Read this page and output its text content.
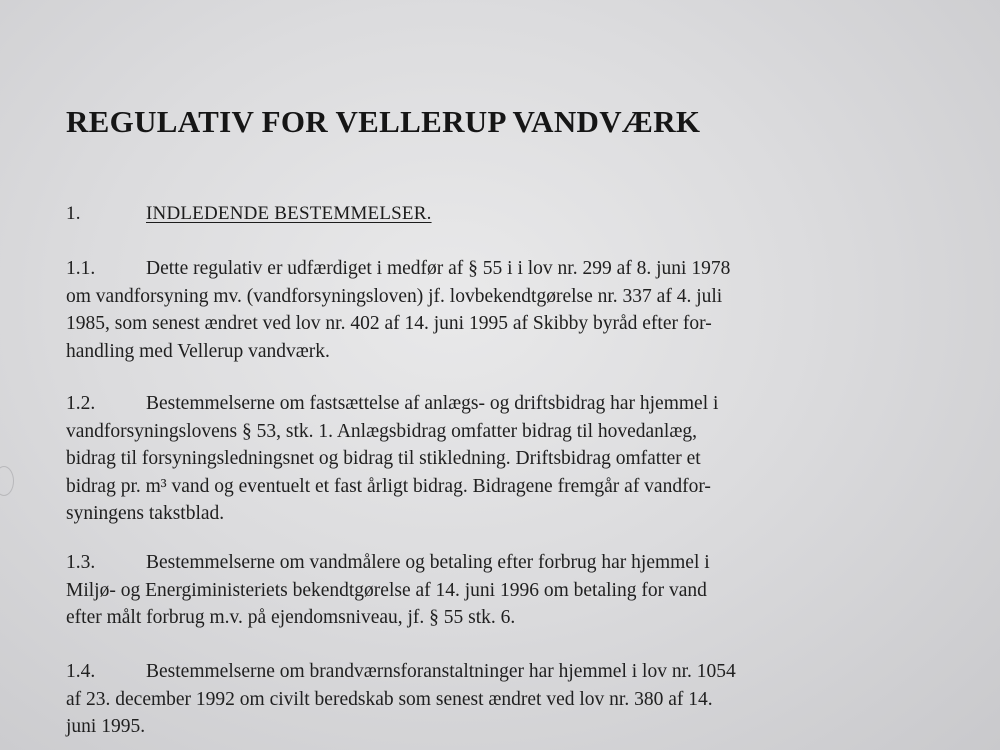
REGULATIV FOR VELLERUP VANDVÆRK
1.	INDLEDENDE BESTEMMELSER.

1.1.	Dette regulativ er udfærdiget i medfør af § 55 i i lov nr. 299 af 8. juni 1978
om vandforsyning mv. (vandforsyningsloven) jf. lovbekendtgørelse nr. 337 af 4. juli
1985, som senest ændret ved lov nr. 402 af 14. juni 1995 af Skibby byråd efter for-
handling med Vellerup vandværk.

1.2.	Bestemmelserne om fastsættelse af anlægs- og driftsbidrag har hjemmel i
vandforsyningslovens § 53, stk. 1. Anlægsbidrag omfatter bidrag til hovedanlæg,
bidrag til forsyningsledningsnet og bidrag til stikledning. Driftsbidrag omfatter et
bidrag pr. m³ vand og eventuelt et fast årligt bidrag. Bidragene fremgår af vandfor-
syningens takstblad.

1.3.	Bestemmelserne om vandmålere og betaling efter forbrug har hjemmel i
Miljø- og Energiministeriets bekendtgørelse af 14. juni 1996 om betaling for vand
efter målt forbrug m.v. på ejendomsniveau, jf. § 55 stk. 6.

1.4.	Bestemmelserne om brandværnsforanstaltninger har hjemmel i lov nr. 1054
af 23. december 1992 om civilt beredskab som senest ændret ved lov nr. 380 af 14.
juni 1995.
